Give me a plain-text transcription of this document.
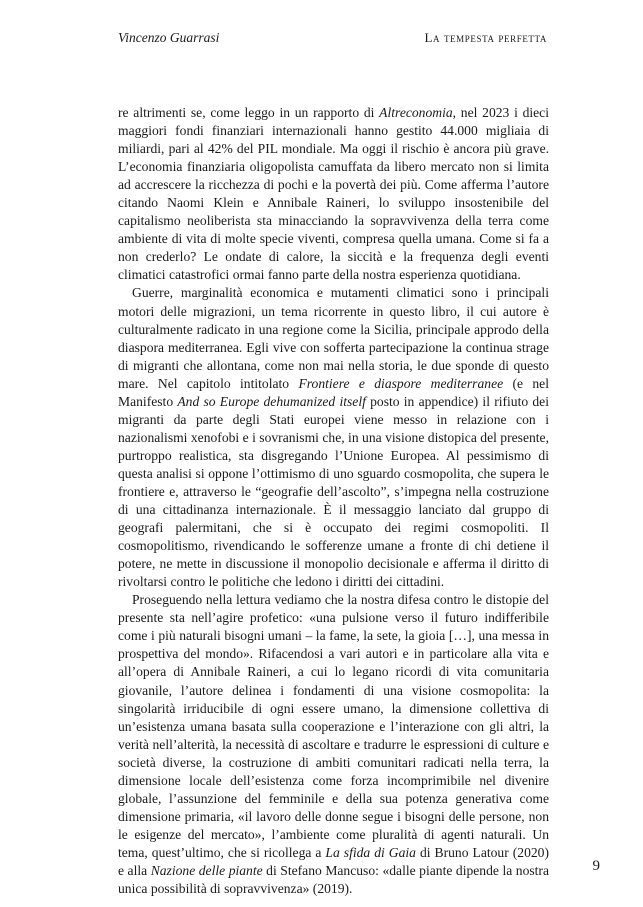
Vincenzo Guarrasi	La tempesta perfetta

re altrimenti se, come leggo in un rapporto di Altreconomia, nel 2023 i dieci maggiori fondi finanziari internazionali hanno gestito 44.000 migliaia di miliardi, pari al 42% del PIL mondiale. Ma oggi il rischio è ancora più grave. L’economia finanziaria oligopolista camuffata da libero mercato non si limita ad accrescere la ricchezza di pochi e la povertà dei più. Come afferma l’autore citando Naomi Klein e Annibale Raineri, lo sviluppo insostenibile del capitalismo neoliberista sta minacciando la sopravvivenza della terra come ambiente di vita di molte specie viventi, compresa quella umana. Come si fa a non crederlo? Le ondate di calore, la siccità e la frequenza degli eventi climatici catastrofici ormai fanno parte della nostra esperienza quotidiana.

Guerre, marginalità economica e mutamenti climatici sono i principali motori delle migrazioni, un tema ricorrente in questo libro, il cui autore è culturalmente radicato in una regione come la Sicilia, principale approdo della diaspora mediterranea. Egli vive con sofferta partecipazione la continua strage di migranti che allontana, come non mai nella storia, le due sponde di questo mare. Nel capitolo intitolato Frontiere e diaspore mediterranee (e nel Manifesto And so Europe dehumanized itself posto in appendice) il rifiuto dei migranti da parte degli Stati europei viene messo in relazione con i nazionalismi xenofobi e i sovranismi che, in una visione distopica del presente, purtroppo realistica, sta disgregando l’Unione Europea. Al pessimismo di questa analisi si oppone l’ottimismo di uno sguardo cosmopolita, che supera le frontiere e, attraverso le “geografie dell’ascolto”, s’impegna nella costruzione di una cittadinanza internazionale. È il messaggio lanciato dal gruppo di geografi palermitani, che si è occupato dei regimi cosmopoliti. Il cosmopolitismo, rivendicando le sofferenze umane a fronte di chi detiene il potere, ne mette in discussione il monopolio decisionale e afferma il diritto di rivoltarsi contro le politiche che ledono i diritti dei cittadini.

Proseguendo nella lettura vediamo che la nostra difesa contro le distopie del presente sta nell’agire profetico: «una pulsione verso il futuro indifferibile come i più naturali bisogni umani – la fame, la sete, la gioia […], una messa in prospettiva del mondo». Rifacendosi a vari autori e in particolare alla vita e all’opera di Annibale Raineri, a cui lo legano ricordi di vita comunitaria giovanile, l’autore delinea i fondamenti di una visione cosmopolita: la singolarità irriducibile di ogni essere umano, la dimensione collettiva di un’esistenza umana basata sulla cooperazione e l’interazione con gli altri, la verità nell’alterità, la necessità di ascoltare e tradurre le espressioni di culture e società diverse, la costruzione di ambiti comunitari radicati nella terra, la dimensione locale dell’esistenza come forza incomprimibile nel divenire globale, l’assunzione del femminile e della sua potenza generativa come dimensione primaria, «il lavoro delle donne segue i bisogni delle persone, non le esigenze del mercato», l’ambiente come pluralità di agenti naturali. Un tema, quest’ultimo, che si ricollega a La sfida di Gaia di Bruno Latour (2020) e alla Nazione delle piante di Stefano Mancuso: «dalle piante dipende la nostra unica possibilità di sopravvivenza» (2019).

9
